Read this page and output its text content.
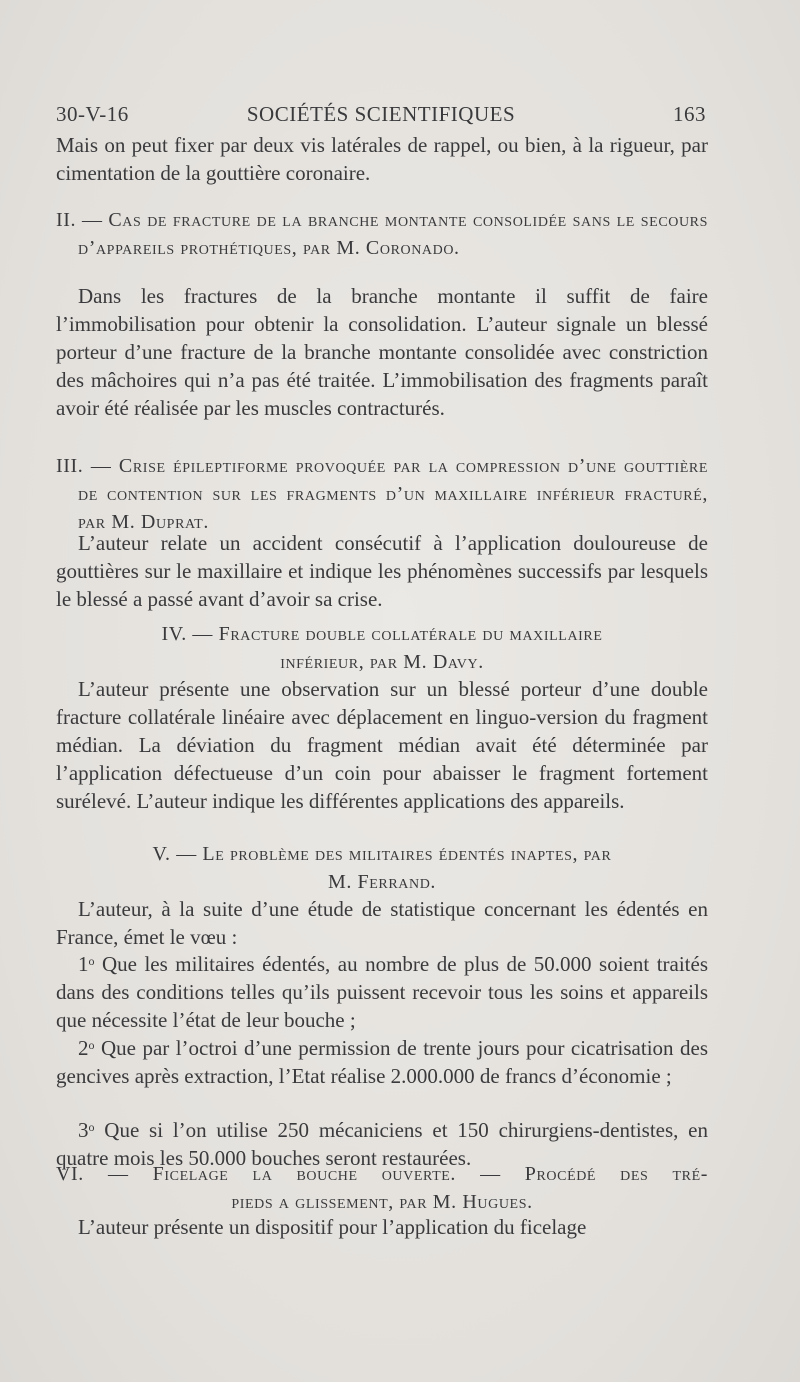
30-V-16	SOCIÉTÉS SCIENTIFIQUES	163

Mais on peut fixer par deux vis latérales de rappel, ou bien, à la rigueur, par cimentation de la gouttière coronaire.

II. — Cas de fracture de la branche montante consolidée sans le secours d’appareils prothétiques, par M. Coronado.

Dans les fractures de la branche montante il suffit de faire l’immobilisation pour obtenir la consolidation. L’auteur signale un blessé porteur d’une fracture de la branche montante consolidée avec constriction des mâchoires qui n’a pas été traitée. L’immobilisation des fragments paraît avoir été réalisée par les muscles contracturés.

III. — Crise épileptiforme provoquée par la compression d’une gouttière de contention sur les fragments d’un maxillaire inférieur fracturé, par M. Duprat.

L’auteur relate un accident consécutif à l’application douloureuse de gouttières sur le maxillaire et indique les phénomènes successifs par lesquels le blessé a passé avant d’avoir sa crise.

IV. — Fracture double collatérale du maxillaire
inférieur, par M. Davy.

L’auteur présente une observation sur un blessé porteur d’une double fracture collatérale linéaire avec déplacement en linguo-version du fragment médian. La déviation du fragment médian avait été déterminée par l’application défectueuse d’un coin pour abaisser le fragment fortement surélevé. L’auteur indique les différentes applications des appareils.

V. — Le problème des militaires édentés inaptes, par
M. Ferrand.

L’auteur, à la suite d’une étude de statistique concernant les édentés en France, émet le vœu :

1$^o$ Que les militaires édentés, au nombre de plus de 50.000 soient traités dans des conditions telles qu’ils puissent recevoir tous les soins et appareils que nécessite l’état de leur bouche ;

2$^o$ Que par l’octroi d’une permission de trente jours pour cicatrisation des gencives après extraction, l’Etat réalise 2.000.000 de francs d’économie ;

3$^o$ Que si l’on utilise 250 mécaniciens et 150 chirurgiens-dentistes, en quatre mois les 50.000 bouches seront restaurées.

VI. — Ficelage la bouche ouverte. — Procédé des tré-
pieds a glissement, par M. Hugues.

L’auteur présente un dispositif pour l’application du ficelage
